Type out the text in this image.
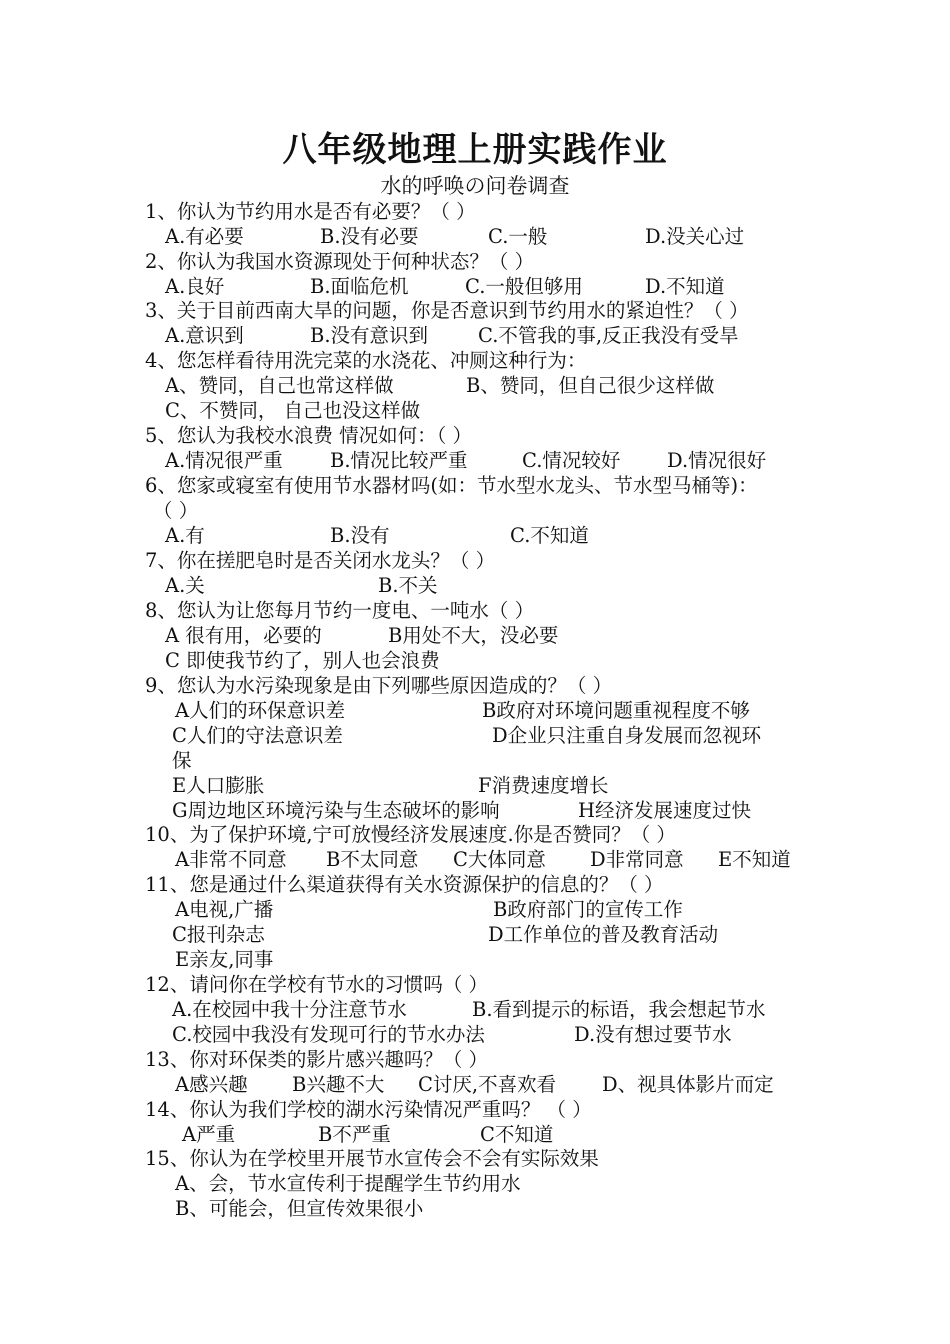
八年级地理上册实践作业
水的呼唤の问卷调查
1、你认为节约用水是否有必要？（ ）
A.有必要	B.没有必要	C.一般	D.没关心过
2、你认为我国水资源现处于何种状态？（ ）
A.良好	B.面临危机	C.一般但够用	D.不知道
3、关于目前西南大旱的问题，你是否意识到节约用水的紧迫性？（ ）
A.意识到	B.没有意识到	C.不管我的事,反正我没有受旱
4、您怎样看待用洗完菜的水浇花、冲厕这种行为：
A、赞同，自己也常这样做	B、赞同，但自己很少这样做
C、不赞同， 自己也没这样做
5、您认为我校水浪费 情况如何：（ ）
A.情况很严重 B.情况比较严重	C.情况较好 D.情况很好
6、您家或寝室有使用节水器材吗(如：节水型水龙头、节水型马桶等)：
（ ）
A.有	B.没有	C.不知道
7、你在搓肥皂时是否关闭水龙头？（ ）
A.关	B.不关
8、您认为让您每月节约一度电、一吨水（ ）
A 很有用，必要的	B用处不大，没必要
C 即使我节约了，别人也会浪费
9、您认为水污染现象是由下列哪些原因造成的？（ ）
A人们的环保意识差	B政府对环境问题重视程度不够
C人们的守法意识差	D企业只注重自身发展而忽视环
保
E人口膨胀	F消费速度增长
G周边地区环境污染与生态破坏的影响	H经济发展速度过快
10、为了保护环境,宁可放慢经济发展速度.你是否赞同？（ ）
A非常不同意 B不太同意 C大体同意 D非常同意 E不知道
11、您是通过什么渠道获得有关水资源保护的信息的？（ ）
A电视,广播	B政府部门的宣传工作
C报刊杂志	D工作单位的普及教育活动
E亲友,同事
12、请问你在学校有节水的习惯吗（ ）
A.在校园中我十分注意节水	B.看到提示的标语，我会想起节水
C.校园中我没有发现可行的节水办法	D.没有想过要节水
13、你对环保类的影片感兴趣吗？（ ）
A感兴趣 B兴趣不大 C讨厌,不喜欢看 D、视具体影片而定
14、你认为我们学校的湖水污染情况严重吗？ （ ）
A严重	B不严重	C不知道
15、你认为在学校里开展节水宣传会不会有实际效果
A、会，节水宣传利于提醒学生节约用水
B、可能会，但宣传效果很小
